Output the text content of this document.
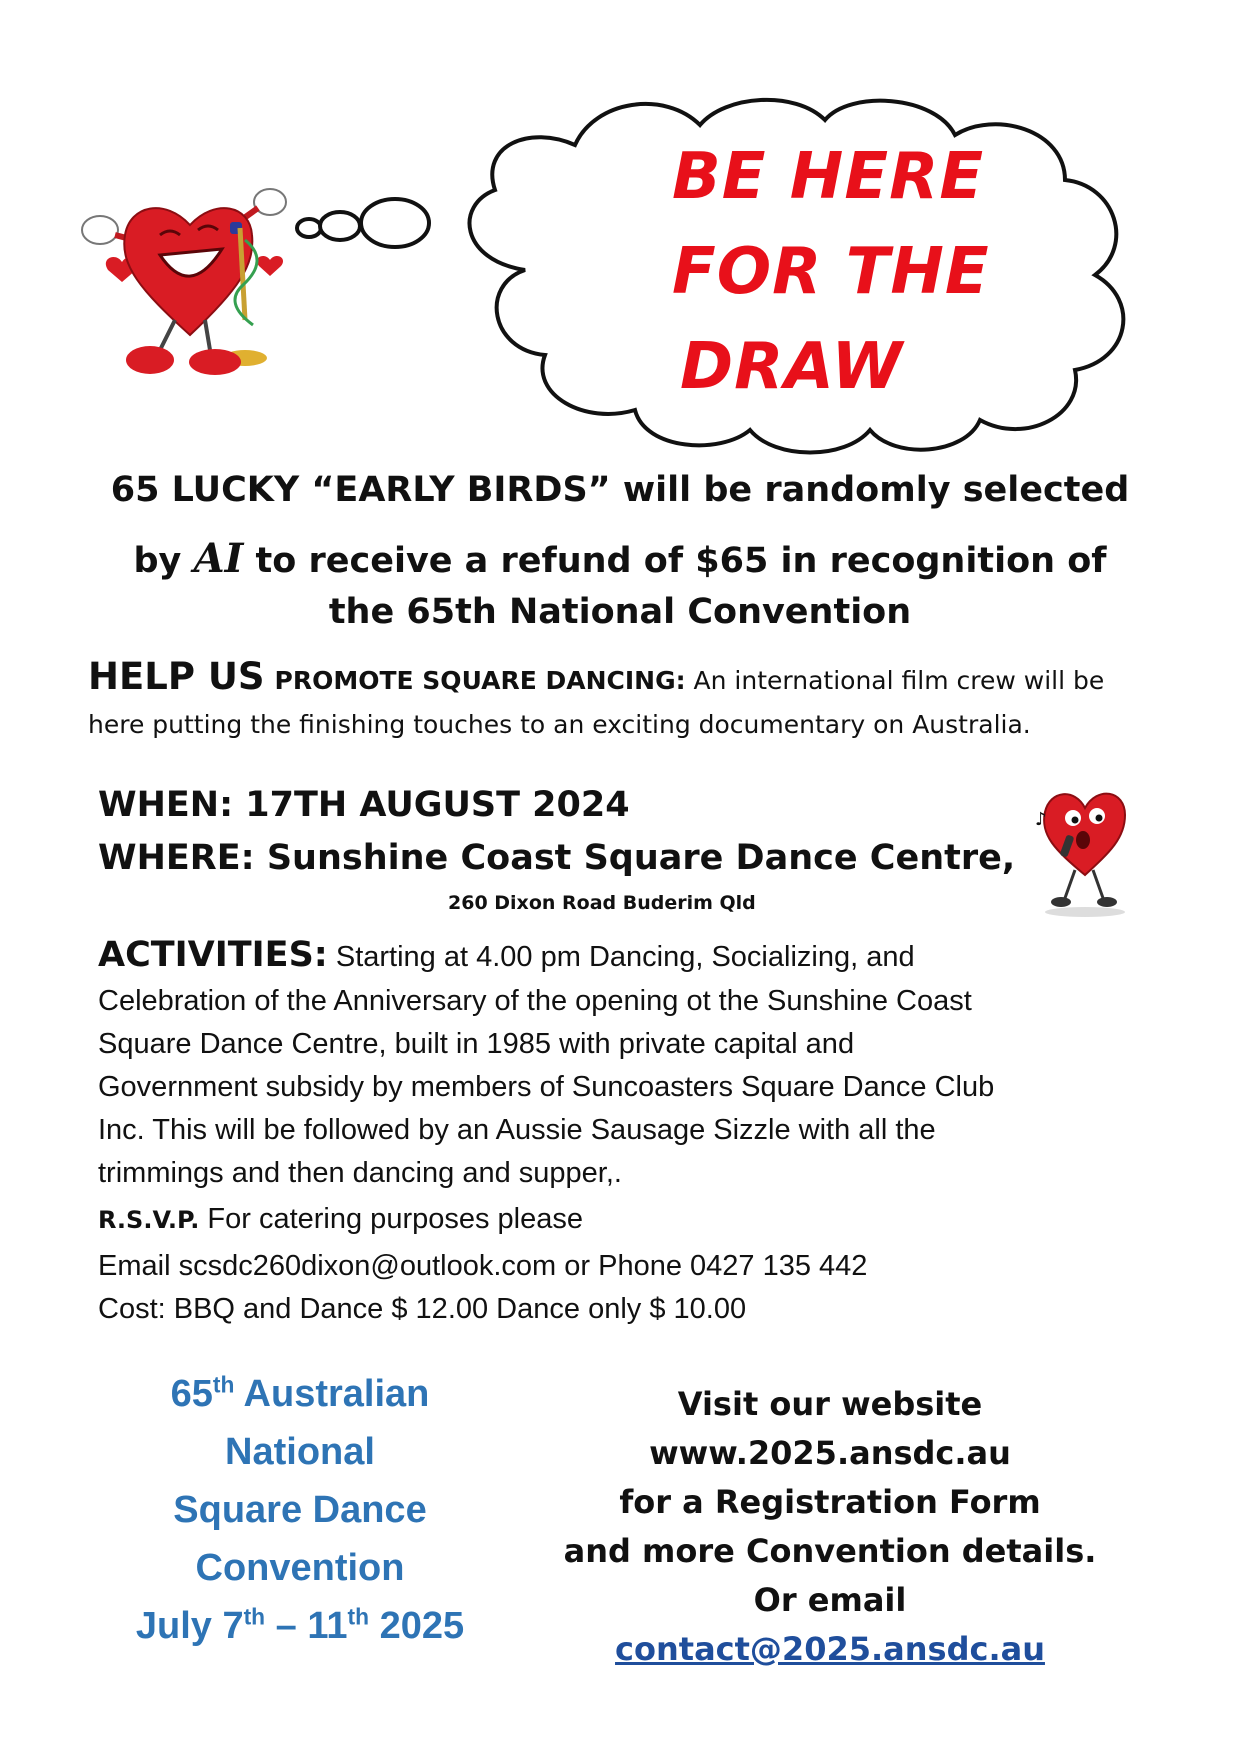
BE HERE
FOR THE
DRAW
65 LUCKY “EARLY BIRDS” will be randomly selected
by AI to receive a refund of $65 in recognition of
the 65th National Convention
HELP US PROMOTE SQUARE DANCING: An international film crew will be
here putting the finishing touches to an exciting documentary on Australia.
WHEN: 17TH AUGUST 2024
WHERE: Sunshine Coast Square Dance Centre,
260 Dixon Road Buderim Qld
♪
ACTIVITIES: Starting at 4.00 pm Dancing, Socializing, and
Celebration of the Anniversary of the opening ot the Sunshine Coast
Square Dance Centre, built in 1985 with private capital and
Government subsidy by members of Suncoasters Square Dance Club
Inc. This will be followed by an Aussie Sausage Sizzle with all the
trimmings and then dancing and supper,.
R.S.V.P. For catering purposes please
Email scsdc260dixon@outlook.com or Phone 0427 135 442
Cost: BBQ and Dance $ 12.00 Dance only $ 10.00
65th Australian
National
Square Dance
Convention
July 7th – 11th 2025
Visit our website
www.2025.ansdc.au
for a Registration Form
and more Convention details.
Or email
contact@2025.ansdc.au
